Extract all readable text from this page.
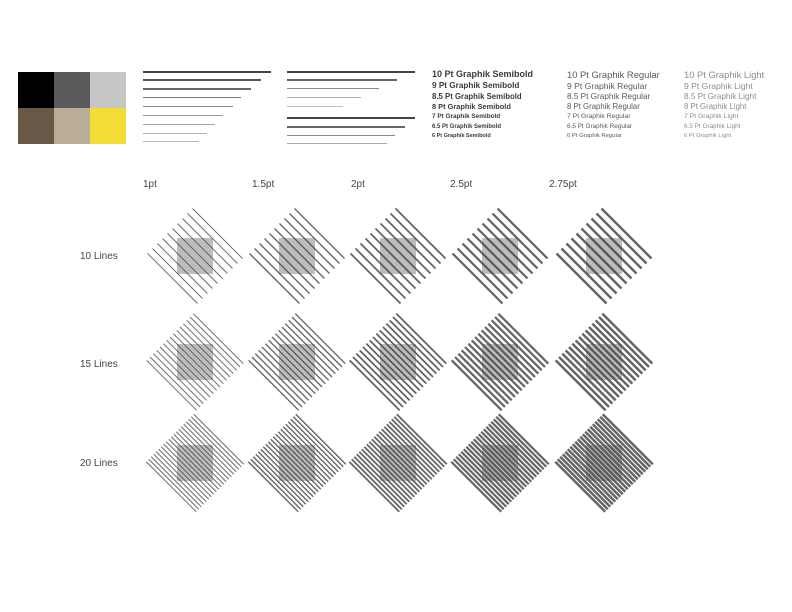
10 Pt Graphik Semibold
9 Pt Graphik Semibold
8.5 Pt Graphik Semibold
8 Pt Graphik Semibold
7 Pt Graphik Semibold
6.5 Pt Graphik Semibold
6 Pt Graphik Semibold
10 Pt Graphik Regular
9 Pt Graphik Regular
8.5 Pt Graphik Regular
8 Pt Graphik Regular
7 Pt Graphik Regular
6.5 Pt Graphik Regular
6 Pt Graphik Regular
10 Pt Graphik Light
9 Pt Graphik Light
8.5 Pt Graphik Light
8 Pt Graphik Light
7 Pt Graphik Light
6.5 Pt Graphik Light
6 Pt Graphik Light
1pt	1.5pt	2pt	2.5pt	2.75pt
10 Lines
15 Lines
20 Lines
